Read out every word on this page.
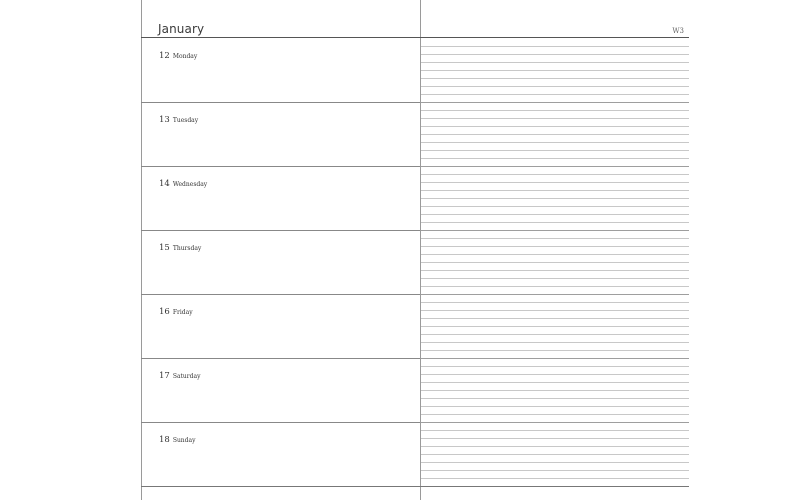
January	W3
12 Monday
13 Tuesday
14 Wednesday
15 Thursday
16 Friday
17 Saturday
18 Sunday
